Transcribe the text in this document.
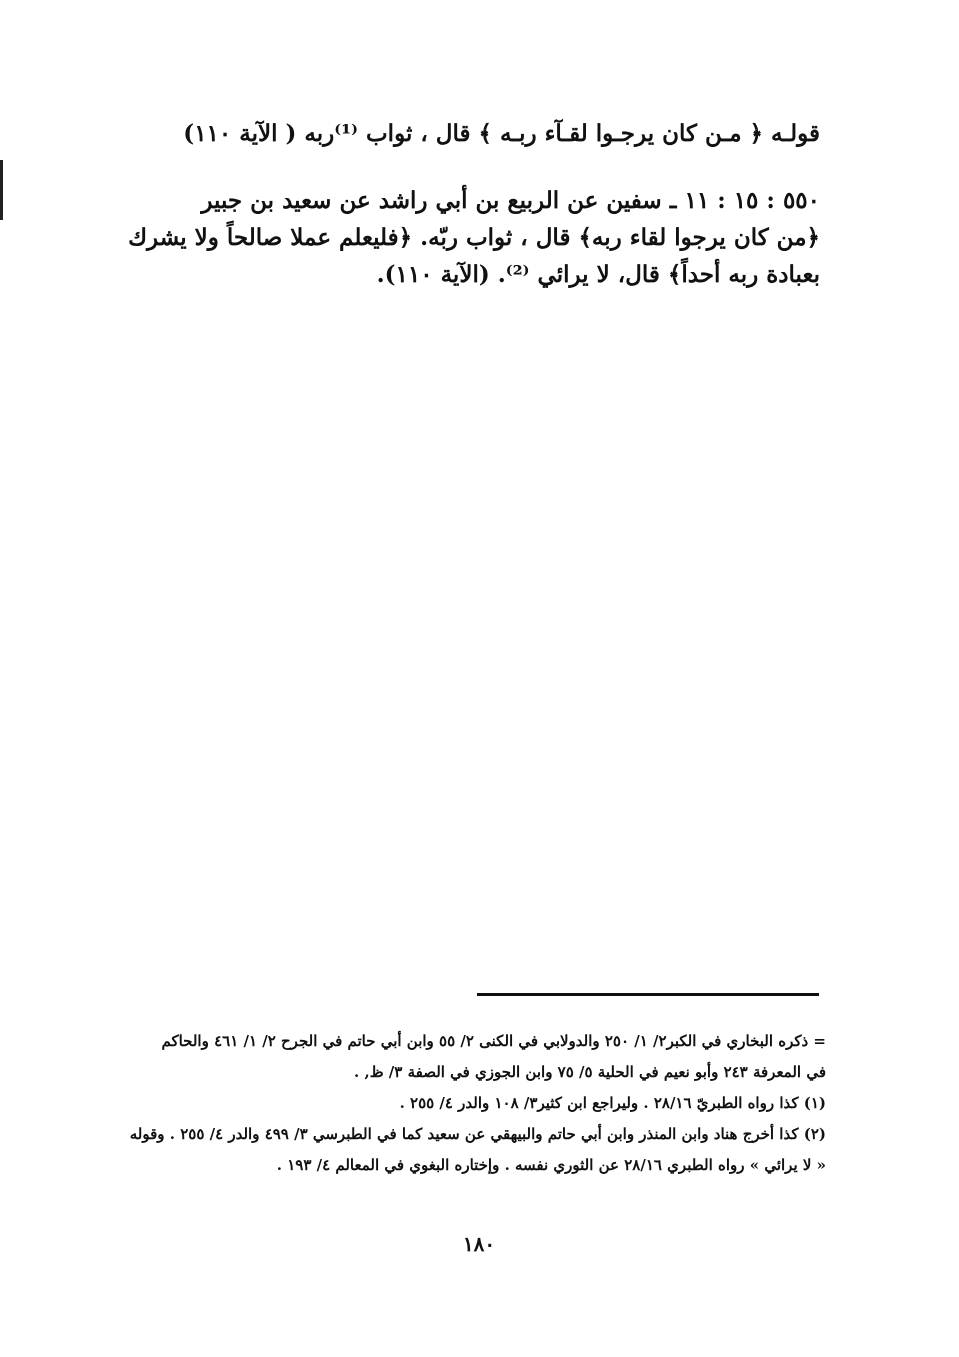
قولـه ﴿ مـن كان يرجـوا لقـآء ربـه ﴾ قال ، ثواب ⁽¹⁾ربه ( الآية ١١٠)
٥٥٠ : ١٥ : ١١ ـ سفين عن الربيع بن أبي راشد عن سعيد بن جبير
﴿من كان يرجوا لقاء ربه﴾ قال ، ثواب ربّه. ﴿فليعلم عملا صالحاً ولا يشرك
بعبادة ربه أحداً﴾ قال، لا يرائي ⁽²⁾. (الآية ١١٠).
= ذكره البخاري في الكبر٢/ ١/ ٢٥٠ والدولابي في الكنى ٢/ ٥٥ وابن أبي حاتم في الجرح ٢/ ١/ ٤٦١ والحاكم
في المعرفة ٢٤٣ وأبو نعيم في الحلية ٥/ ٧٥ وابن الجوزي في الصفة ٣/ ظ, .
(١) كذا رواه الطبريّ ٢٨/١٦ . وليراجع ابن كثير٣/ ١٠٨ والدر ٤/ ٢٥٥ .
(٢) كذا أخرج هناد وابن المنذر وابن أبي حاتم والبيهقي عن سعيد كما في الطبرسي ٣/ ٤٩٩ والدر ٤/ ٢٥٥ . وقوله
« لا يرائي » رواه الطبري ٢٨/١٦ عن الثوري نفسه . وإختاره البغوي في المعالم ٤/ ١٩٣ .
١٨٠
